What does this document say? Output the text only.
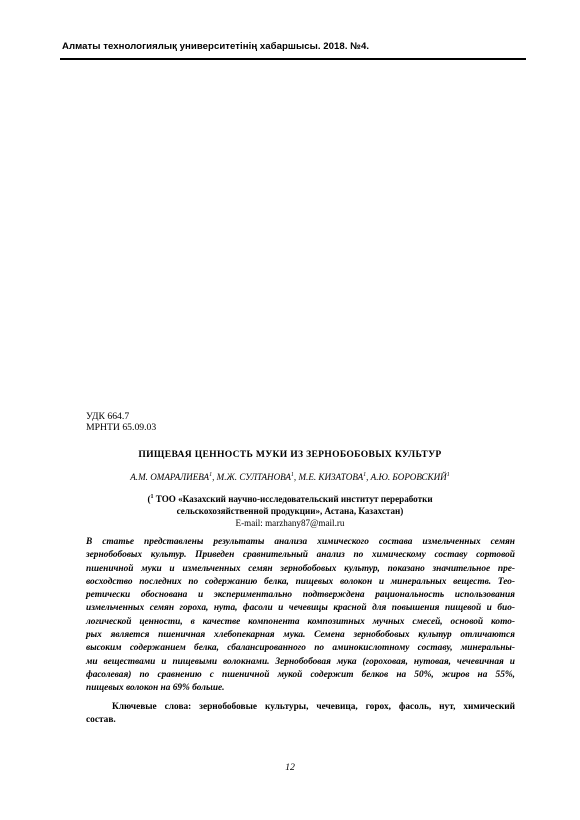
Алматы технологиялық университетінің хабаршысы. 2018. №4.
УДК 664.7
МРНТИ 65.09.03
ПИЩЕВАЯ ЦЕННОСТЬ МУКИ ИЗ ЗЕРНОБОБОВЫХ КУЛЬТУР
А.М. ОМАРАЛИЕВА$^1$, М.Ж. СУЛТАНОВА$^1$, М.Е. КИЗАТОВА$^1$, А.Ю. БОРОВСКИЙ$^1$
($^1$ ТОО «Казахский научно-исследовательский институт переработки
сельскохозяйственной продукции», Астана, Казахстан)
E-mail: marzhany87@mail.ru
В статье представлены результаты анализа химического состава измельченных семян
зернобобовых культур. Приведен сравнительный анализ по химическому составу сортовой
пшеничной муки и измельченных семян зернобобовых культур, показано значительное пре-
восходство последних по содержанию белка, пищевых волокон и минеральных веществ. Тео-
ретически обоснована и экспериментально подтверждена рациональность использования
измельченных семян гороха, нута, фасоли и чечевицы красной для повышения пищевой и био-
логической ценности, в качестве компонента композитных мучных смесей, основой кото-
рых является пшеничная хлебопекарная мука. Семена зернобобовых культур отличаются
высоким содержанием белка, сбалансированного по аминокислотному составу, минеральны-
ми веществами и пищевыми волокнами. Зернобобовая мука (гороховая, нутовая, чечевичная и
фасолевая) по сравнению с пшеничной мукой содержит белков на 50%, жиров на 55%,
пищевых волокон на 69% больше.
Ключевые слова: зернобобовые культуры, чечевица, горох, фасоль, нут, химический
состав.
12
